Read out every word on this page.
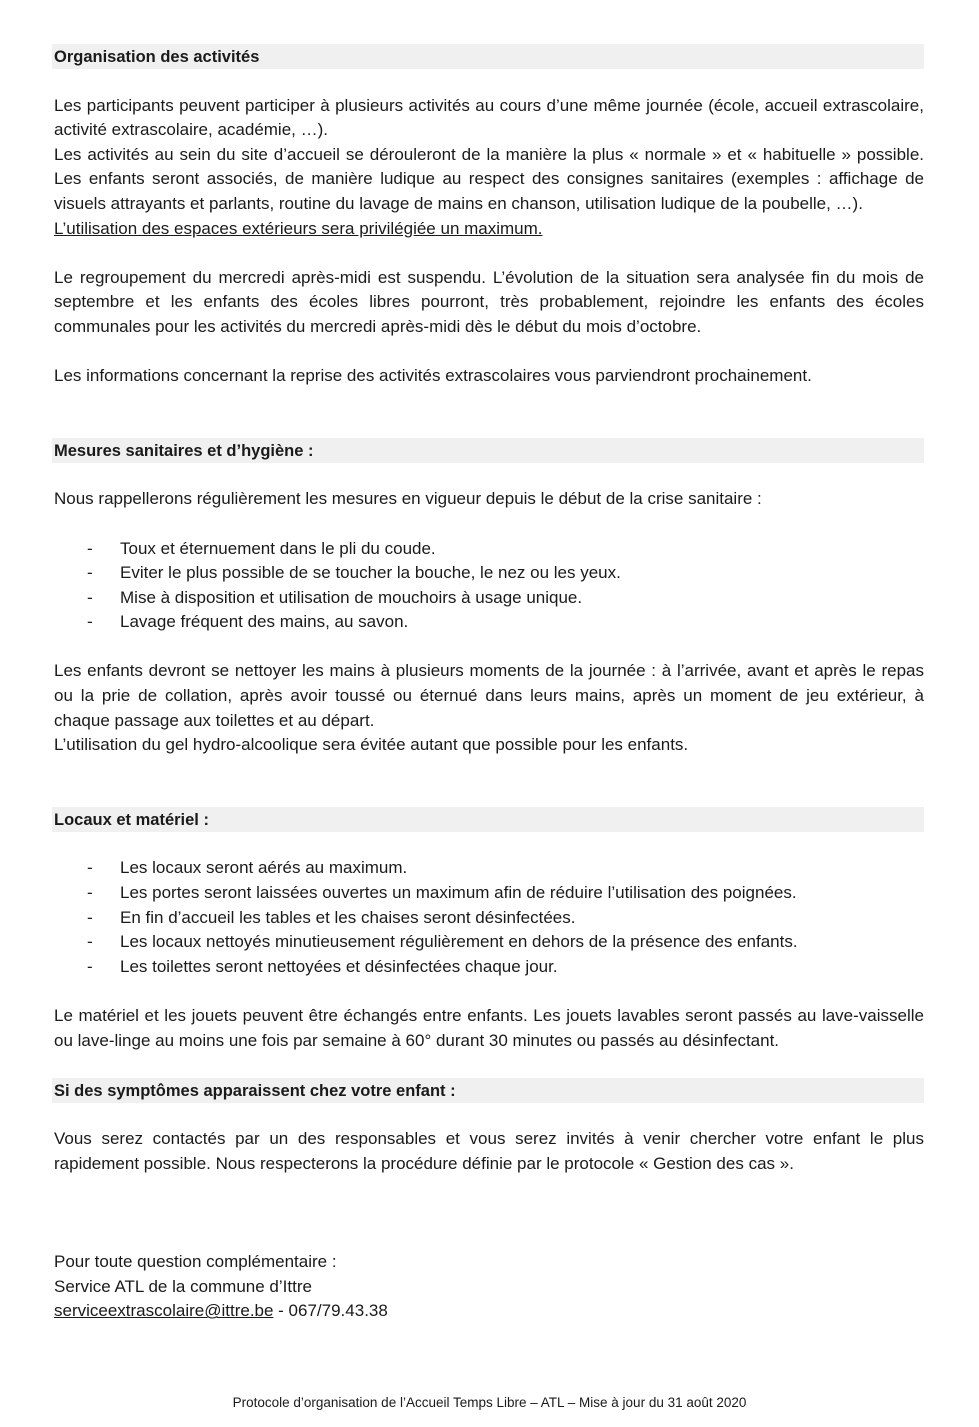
Organisation des activités

Les participants peuvent participer à plusieurs activités au cours d’une même journée (école, accueil extrascolaire, activité extrascolaire, académie, …).

Les activités au sein du site d’accueil se dérouleront de la manière la plus « normale » et « habituelle » possible. Les enfants seront associés, de manière ludique au respect des consignes sanitaires (exemples : affichage de visuels attrayants et parlants, routine du lavage de mains en chanson, utilisation ludique de la poubelle, …).

L’utilisation des espaces extérieurs sera privilégiée un maximum.

Le regroupement du mercredi après-midi est suspendu. L’évolution de la situation sera analysée fin du mois de septembre et les enfants des écoles libres pourront, très probablement, rejoindre les enfants des écoles communales pour les activités du mercredi après-midi dès le début du mois d’octobre.

Les informations concernant la reprise des activités extrascolaires vous parviendront prochainement.

Mesures sanitaires et d’hygiène :

Nous rappellerons régulièrement les mesures en vigueur depuis le début de la crise sanitaire :

- Toux et éternuement dans le pli du coude.
- Eviter le plus possible de se toucher la bouche, le nez ou les yeux.
- Mise à disposition et utilisation de mouchoirs à usage unique.
- Lavage fréquent des mains, au savon.

Les enfants devront se nettoyer les mains à plusieurs moments de la journée : à l’arrivée, avant et après le repas ou la prie de collation, après avoir toussé ou éternué dans leurs mains, après un moment de jeu extérieur, à chaque passage aux toilettes et au départ.

L’utilisation du gel hydro-alcoolique sera évitée autant que possible pour les enfants.

Locaux et matériel :
- Les locaux seront aérés au maximum.
- Les portes seront laissées ouvertes un maximum afin de réduire l’utilisation des poignées.
- En fin d’accueil les tables et les chaises seront désinfectées.
- Les locaux nettoyés minutieusement régulièrement en dehors de la présence des enfants.
- Les toilettes seront nettoyées et désinfectées chaque jour.

Le matériel et les jouets peuvent être échangés entre enfants. Les jouets lavables seront passés au lave-vaisselle ou lave-linge au moins une fois par semaine à 60° durant 30 minutes ou passés au désinfectant.

Si des symptômes apparaissent chez votre enfant :

Vous serez contactés par un des responsables et vous serez invités à venir chercher votre enfant le plus rapidement possible. Nous respecterons la procédure définie par le protocole « Gestion des cas ».

Pour toute question complémentaire :
Service ATL de la commune d’Ittre
serviceextrascolaire@ittre.be - 067/79.43.38
Protocole d’organisation de l’Accueil Temps Libre – ATL – Mise à jour du 31 août 2020
